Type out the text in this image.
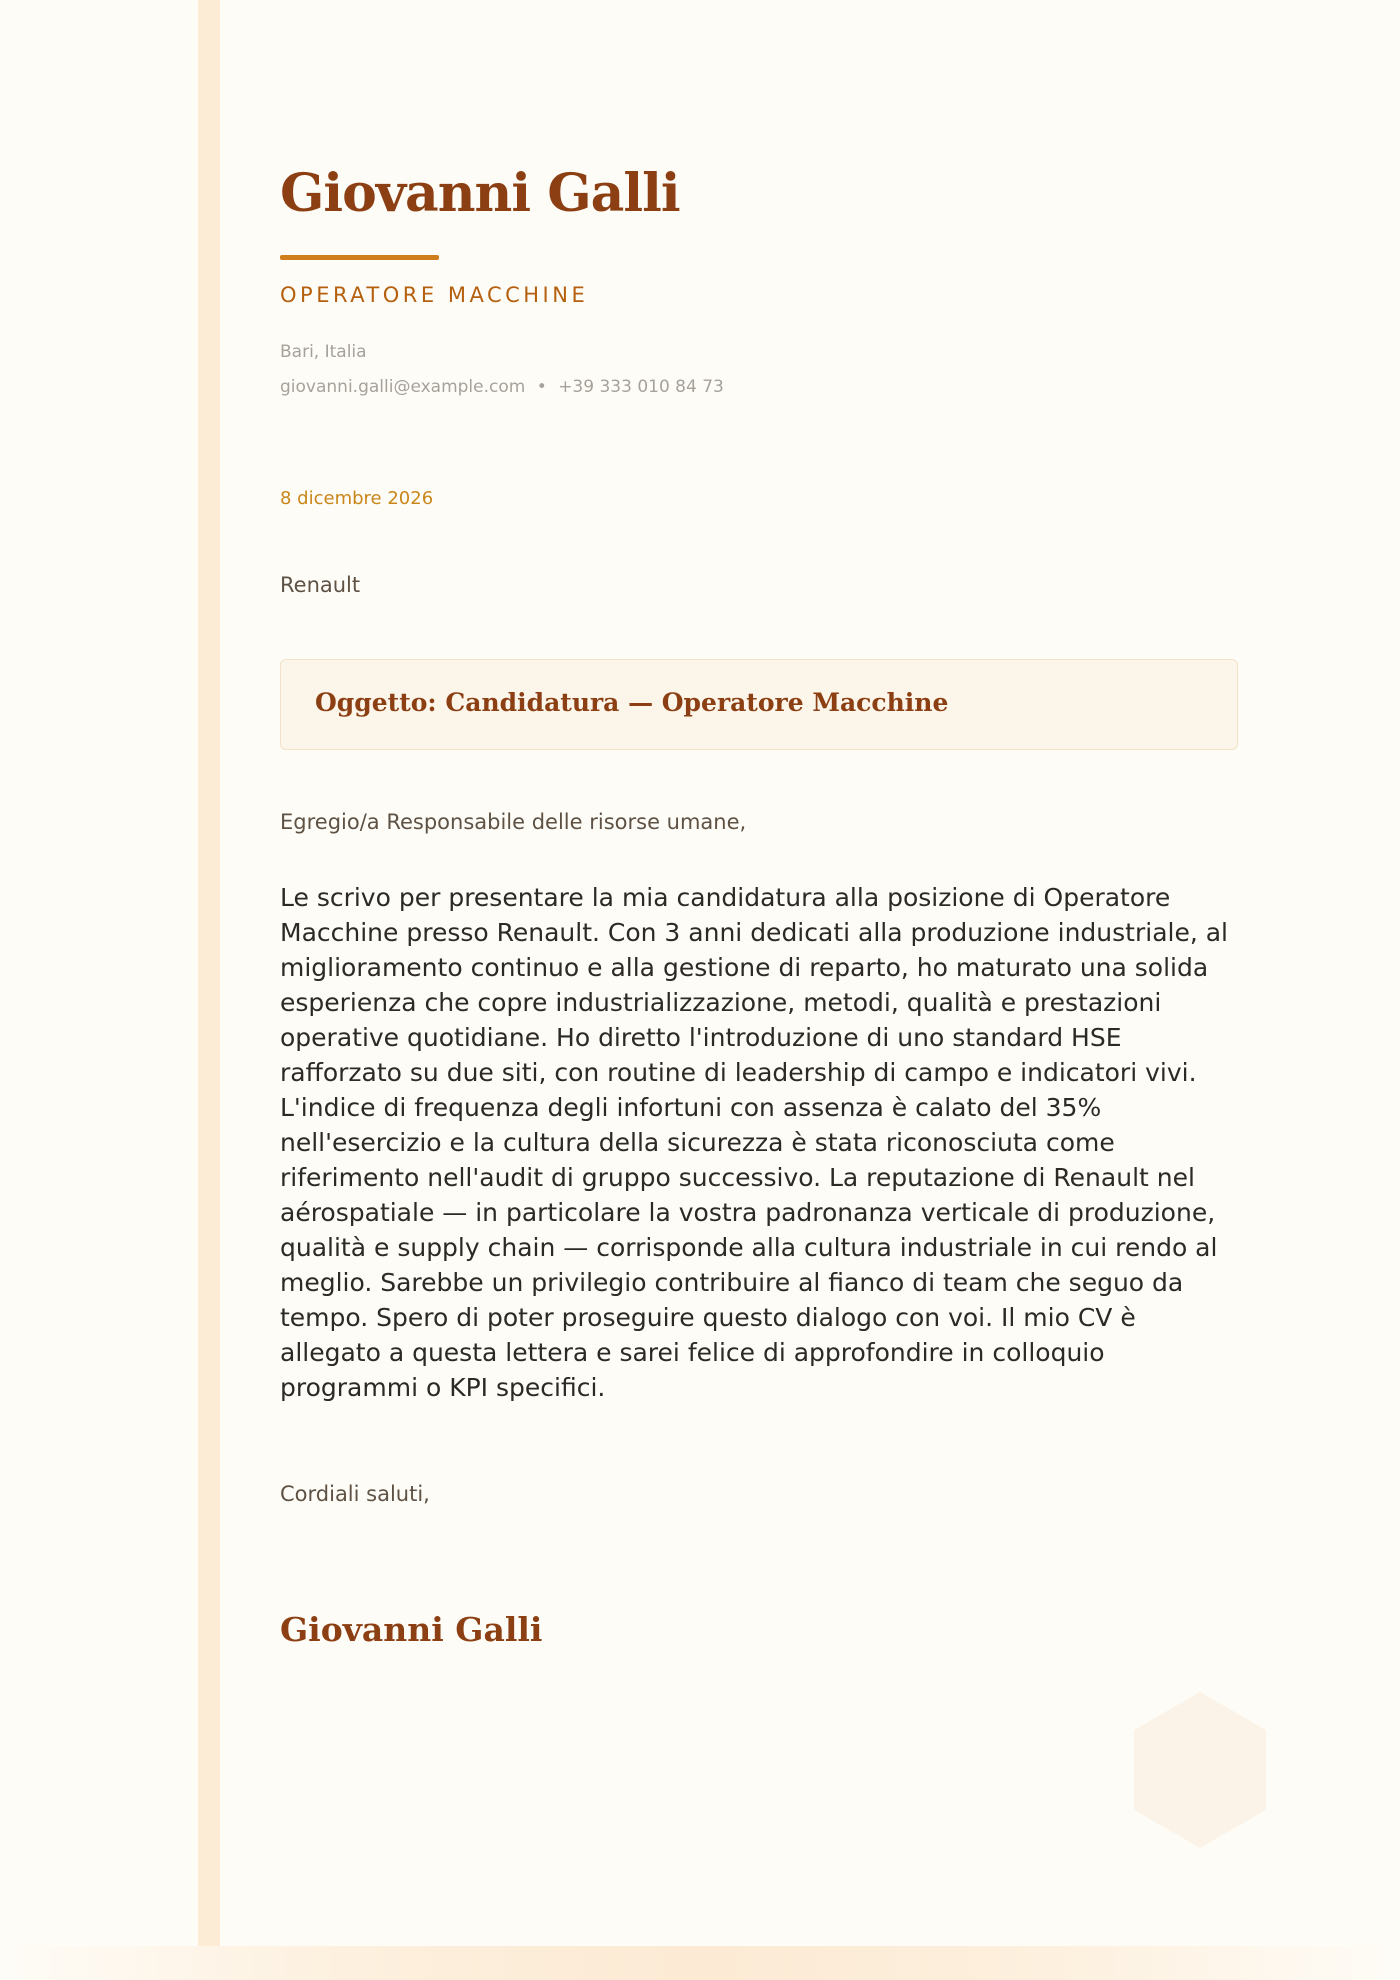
Giovanni Galli
OPERATORE MACCHINE
Bari, Italia
giovanni.galli@example.com • +39 333 010 84 73
8 dicembre 2026
Renault
Oggetto: Candidatura — Operatore Macchine
Egregio/a Responsabile delle risorse umane,

Le scrivo per presentare la mia candidatura alla posizione di Operatore Macchine presso Renault. Con 3 anni dedicati alla produzione industriale, al miglioramento continuo e alla gestione di reparto, ho maturato una solida esperienza che copre industrializzazione, metodi, qualità e prestazioni operative quotidiane. Ho diretto l'introduzione di uno standard HSE rafforzato su due siti, con routine di leadership di campo e indicatori vivi. L'indice di frequenza degli infortuni con assenza è calato del 35% nell'esercizio e la cultura della sicurezza è stata riconosciuta come riferimento nell'audit di gruppo successivo. La reputazione di Renault nel aérospatiale — in particolare la vostra padronanza verticale di produzione, qualità e supply chain — corrisponde alla cultura industriale in cui rendo al meglio. Sarebbe un privilegio contribuire al fianco di team che seguo da tempo. Spero di poter proseguire questo dialogo con voi. Il mio CV è allegato a questa lettera e sarei felice di approfondire in colloquio programmi o KPI specifici.

Cordiali saluti,
Giovanni Galli
